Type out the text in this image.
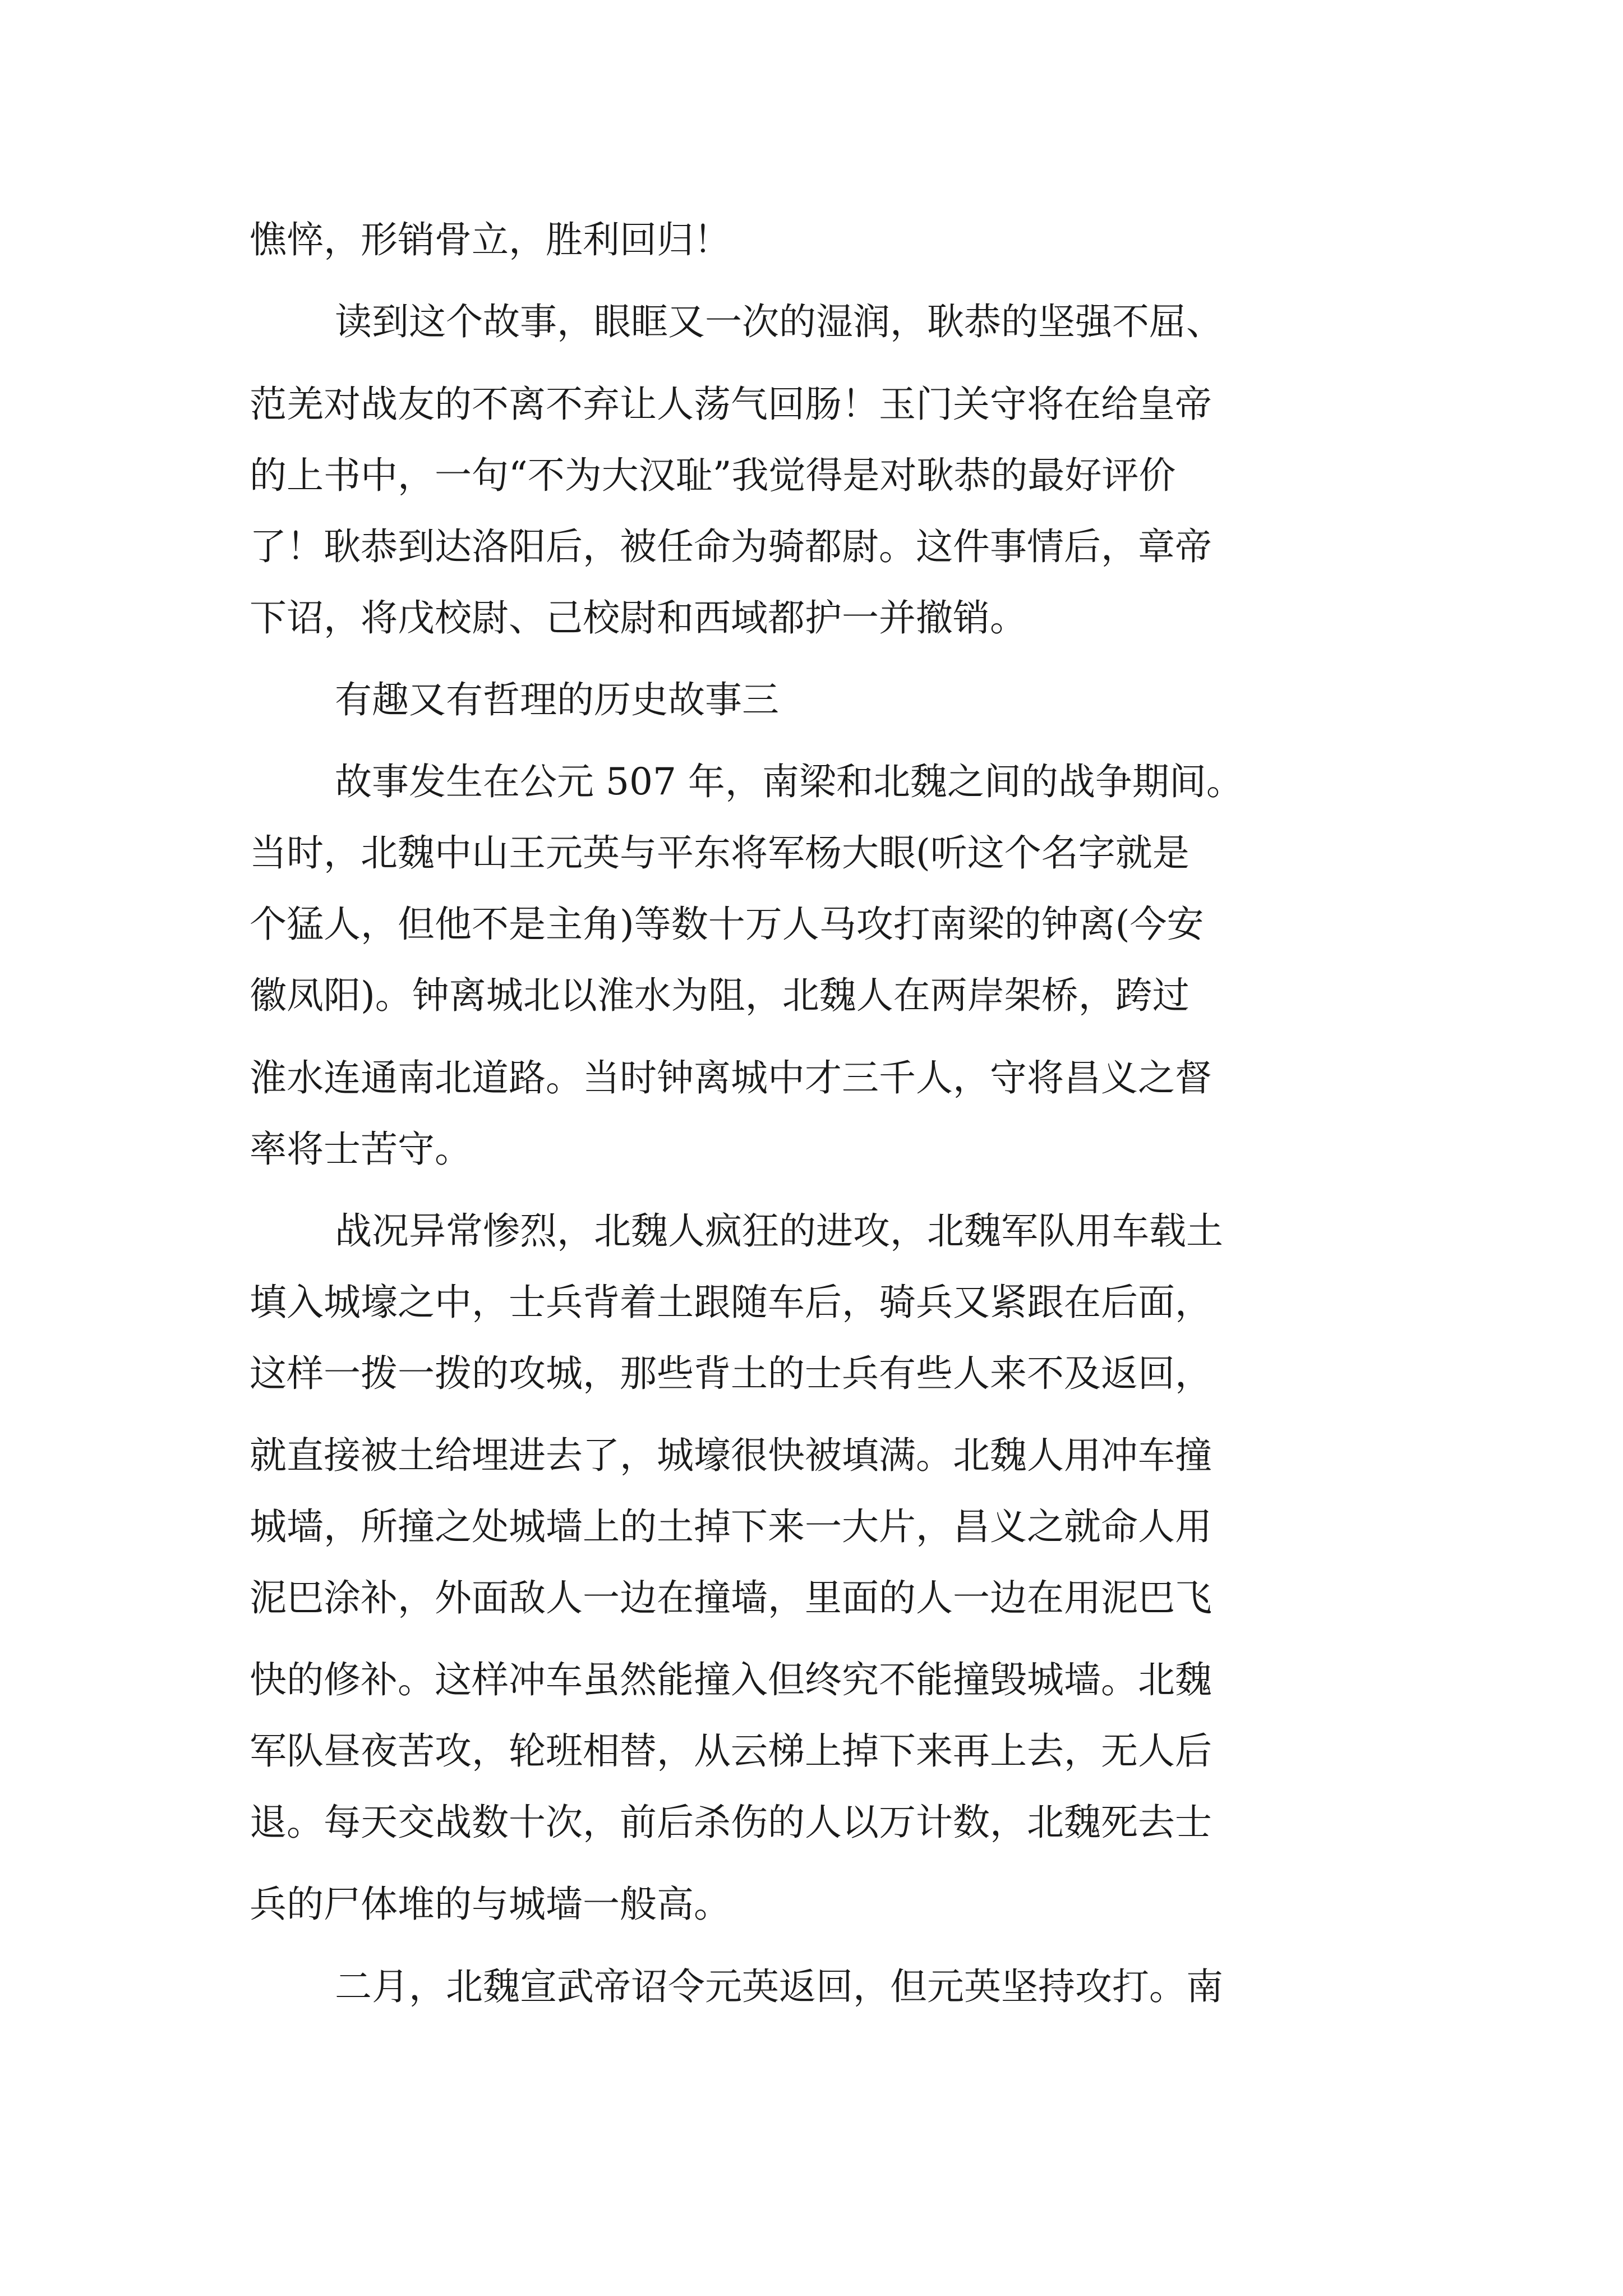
憔悴，形销骨立，胜利回归！
读到这个故事，眼眶又一次的湿润，耿恭的坚强不屈、
范羌对战友的不离不弃让人荡气回肠！玉门关守将在给皇帝
的上书中，一句“不为大汉耻”我觉得是对耿恭的最好评价
了！耿恭到达洛阳后，被任命为骑都尉。这件事情后，章帝
下诏，将戊校尉、己校尉和西域都护一并撤销。
有趣又有哲理的历史故事三
故事发生在公元 507 年，南梁和北魏之间的战争期间。
当时，北魏中山王元英与平东将军杨大眼(听这个名字就是
个猛人，但他不是主角)等数十万人马攻打南梁的钟离(今安
徽凤阳)。钟离城北以淮水为阻，北魏人在两岸架桥，跨过
淮水连通南北道路。当时钟离城中才三千人，守将昌义之督
率将士苦守。
战况异常惨烈，北魏人疯狂的进攻，北魏军队用车载土
填入城壕之中，士兵背着土跟随车后，骑兵又紧跟在后面，
这样一拨一拨的攻城，那些背土的士兵有些人来不及返回，
就直接被土给埋进去了，城壕很快被填满。北魏人用冲车撞
城墙，所撞之处城墙上的土掉下来一大片，昌义之就命人用
泥巴涂补，外面敌人一边在撞墙，里面的人一边在用泥巴飞
快的修补。这样冲车虽然能撞入但终究不能撞毁城墙。北魏
军队昼夜苦攻，轮班相替，从云梯上掉下来再上去，无人后
退。每天交战数十次，前后杀伤的人以万计数，北魏死去士
兵的尸体堆的与城墙一般高。
二月，北魏宣武帝诏令元英返回，但元英坚持攻打。南
